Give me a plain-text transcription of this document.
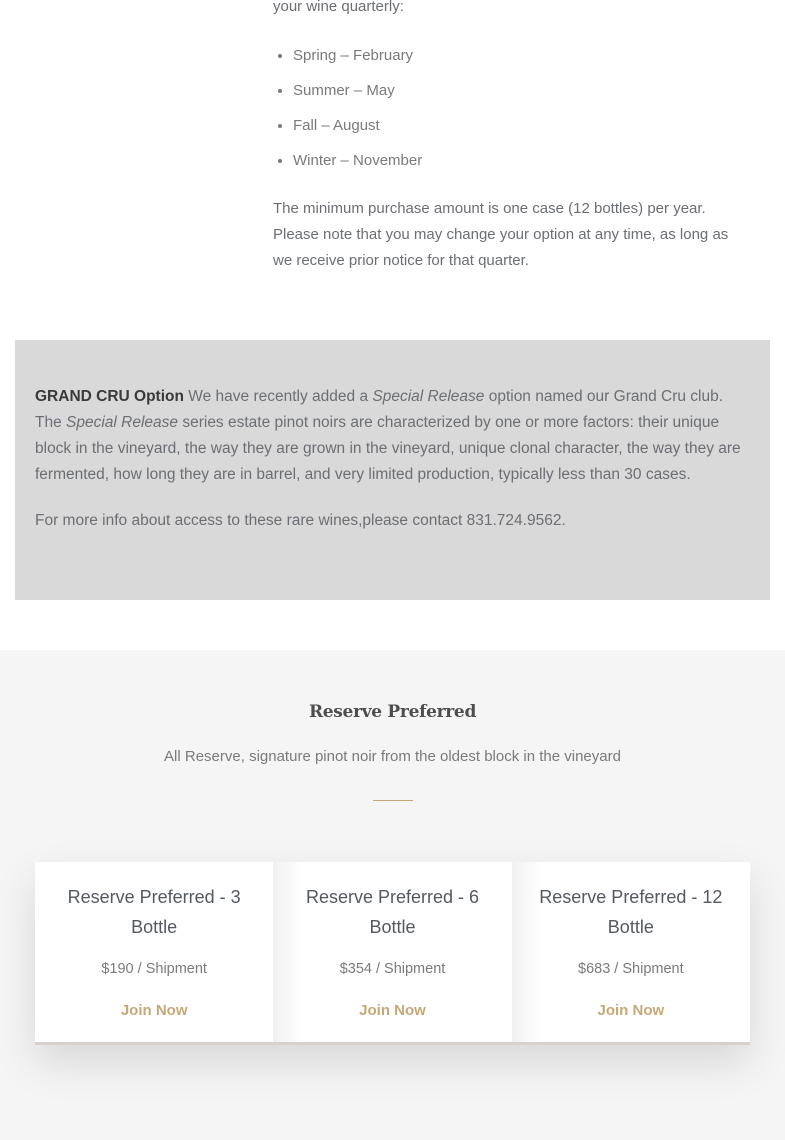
your wine quarterly:

• Spring – February
• Summer – May
• Fall – August
• Winter – November

The minimum purchase amount is one case (12 bottles) per year. Please note that you may change your option at any time, as long as we receive prior notice for that quarter.

GRAND CRU Option We have recently added a Special Release option named our Grand Cru club. The Special Release series estate pinot noirs are characterized by one or more factors: their unique block in the vineyard, the way they are grown in the vineyard, unique clonal character, the way they are fermented, how long they are in barrel, and very limited production, typically less than 30 cases.

For more info about access to these rare wines,please contact 831.724.9562.

Reserve Preferred

All Reserve, signature pinot noir from the oldest block in the vineyard

Reserve Preferred - 3 Bottle
$190 / Shipment
Join Now
Reserve Preferred - 6 Bottle
$354 / Shipment
Join Now
Reserve Preferred - 12 Bottle
$683 / Shipment
Join Now
